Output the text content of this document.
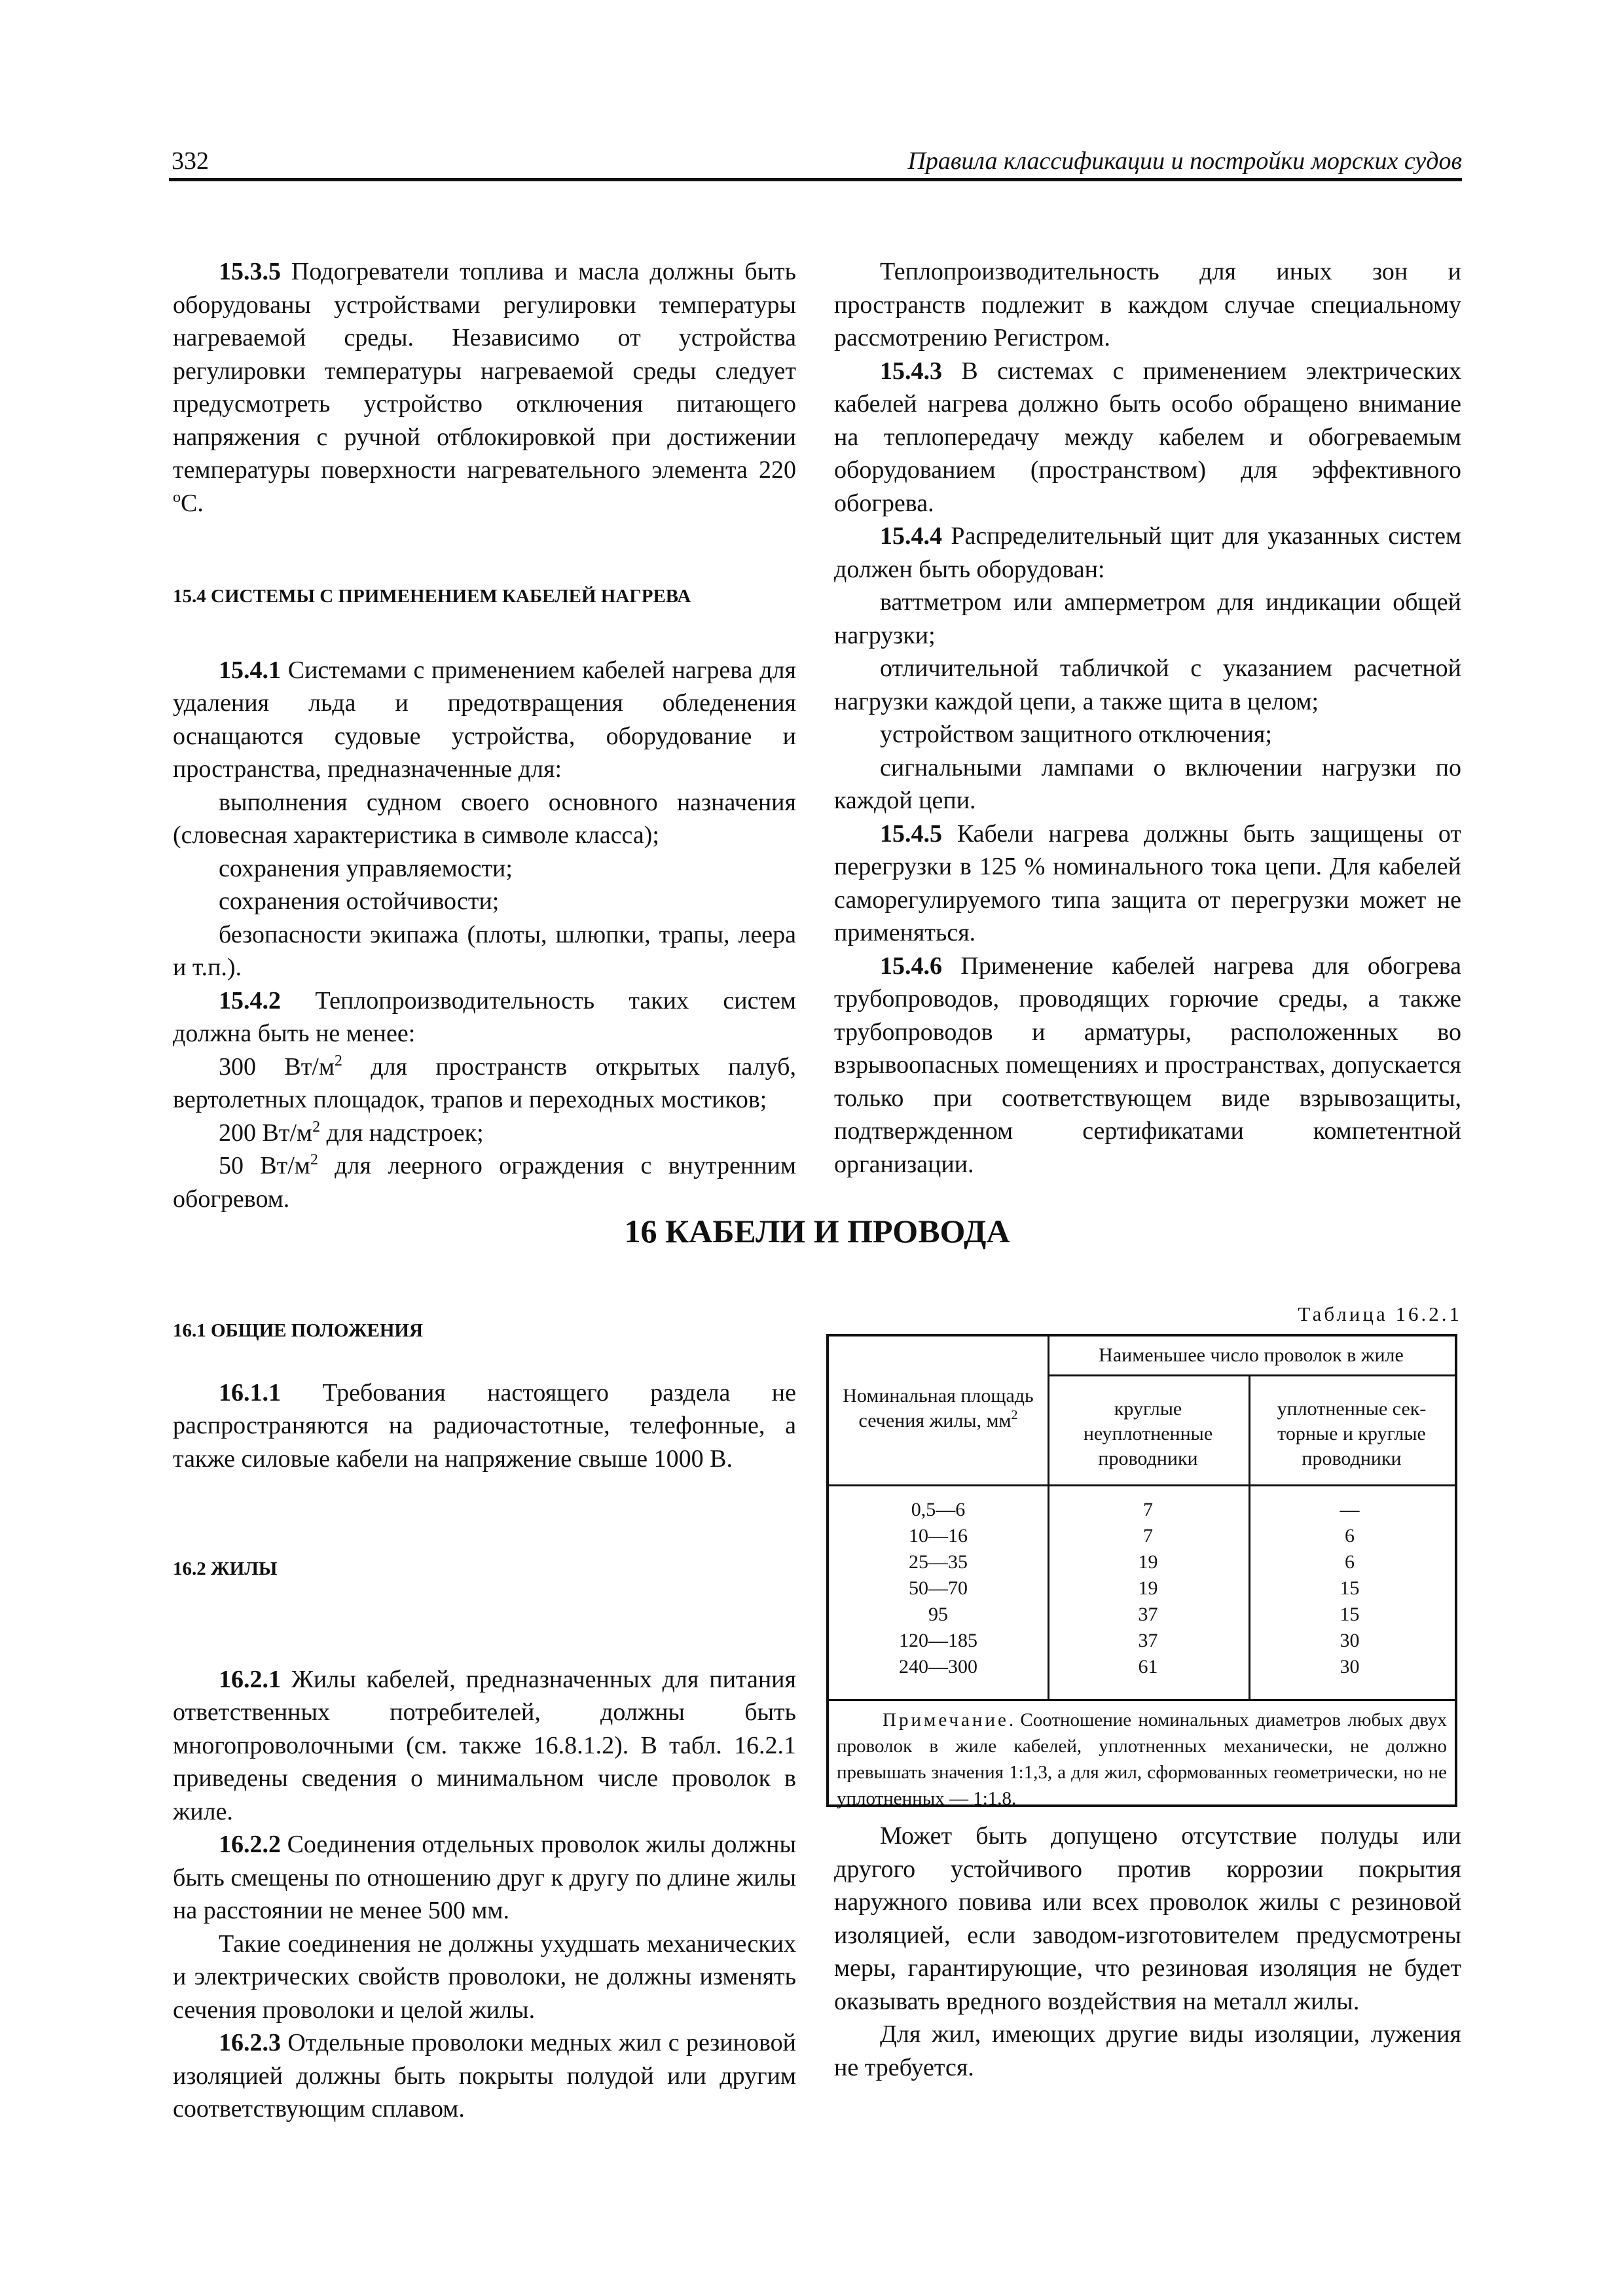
332	Правила классификации и постройки морских судов

15.3.5 Подогреватели топлива и масла должны быть оборудованы устройствами регулировки температуры нагреваемой среды. Независимо от устройства регулировки температуры нагреваемой среды следует предусмотреть устройство отключения питающего напряжения с ручной отблокировкой при достижении температуры поверхности нагревательного элемента 220 $^о$С.

15.4 СИСТЕМЫ С ПРИМЕНЕНИЕМ КАБЕЛЕЙ НАГРЕВА

15.4.1 Системами с применением кабелей нагрева для удаления льда и предотвращения обледенения оснащаются судовые устройства, оборудование и пространства, предназначенные для:

выполнения судном своего основного назначения (словесная характеристика в символе класса);

сохранения управляемости;

сохранения остойчивости;

безопасности экипажа (плоты, шлюпки, трапы, леера и т.п.).

15.4.2 Теплопроизводительность таких систем должна быть не менее:

300 $Вт/м^2$ для пространств открытых палуб, вертолетных площадок, трапов и переходных мостиков;

200 $Вт/м^2$ для надстроек;

50 $Вт/м^2$ для леерного ограждения с внутренним обогревом.

Теплопроизводительность для иных зон и пространств подлежит в каждом случае специальному рассмотрению Регистром.

15.4.3 В системах с применением электрических кабелей нагрева должно быть особо обращено внимание на теплопередачу между кабелем и обогреваемым оборудованием (пространством) для эффективного обогрева.

15.4.4 Распределительный щит для указанных систем должен быть оборудован:

ваттметром или амперметром для индикации общей нагрузки;

отличительной табличкой с указанием расчетной нагрузки каждой цепи, а также щита в целом;

устройством защитного отключения;

сигнальными лампами о включении нагрузки по каждой цепи.

15.4.5 Кабели нагрева должны быть защищены от перегрузки в 125 % номинального тока цепи. Для кабелей саморегулируемого типа защита от перегрузки может не применяться.

15.4.6 Применение кабелей нагрева для обогрева трубопроводов, проводящих горючие среды, а также трубопроводов и арматуры, расположенных во взрывоопасных помещениях и пространствах, допускается только при соответствующем виде взрывозащиты, подтвержденном сертификатами компетентной организации.

16 КАБЕЛИ И ПРОВОДА

16.1 ОБЩИЕ ПОЛОЖЕНИЯ

16.1.1 Требования настоящего раздела не распространяются на радиочастотные, телефонные, а также силовые кабели на напряжение свыше 1000 В.

16.2 ЖИЛЫ

16.2.1 Жилы кабелей, предназначенных для питания ответственных потребителей, должны быть многопроволочными (см. также 16.8.1.2). В табл. 16.2.1 приведены сведения о минимальном числе проволок в жиле.

16.2.2 Соединения отдельных проволок жилы должны быть смещены по отношению друг к другу по длине жилы на расстоянии не менее 500 мм.

Такие соединения не должны ухудшать механических и электрических свойств проволоки, не должны изменять сечения проволоки и целой жилы.

16.2.3 Отдельные проволоки медных жил с резиновой изоляцией должны быть покрыты полудой или другим соответствующим сплавом.

Таблица 16.2.1
Номинальная площадь
сечения жилы, $мм^2$
Наименьшее число проволок в жиле
круглые
неуплотненные
проводники
уплотненные сек-
торные и круглые
проводники
0,5—6	7	—
10—16	7	6
25—35	19	6
50—70	19	15
95	37	15
120—185	37	30
240—300	61	30
Примечание. Соотношение номинальных диаметров любых двух проволок в жиле кабелей, уплотненных механически, не должно превышать значения 1:1,3, а для жил, сформованных геометрически, но не уплотненных — 1:1,8.

Может быть допущено отсутствие полуды или другого устойчивого против коррозии покрытия наружного повива или всех проволок жилы с резиновой изоляцией, если заводом-изготовителем предусмотрены меры, гарантирующие, что резиновая изоляция не будет оказывать вредного воздействия на металл жилы.

Для жил, имеющих другие виды изоляции, лужения не требуется.
